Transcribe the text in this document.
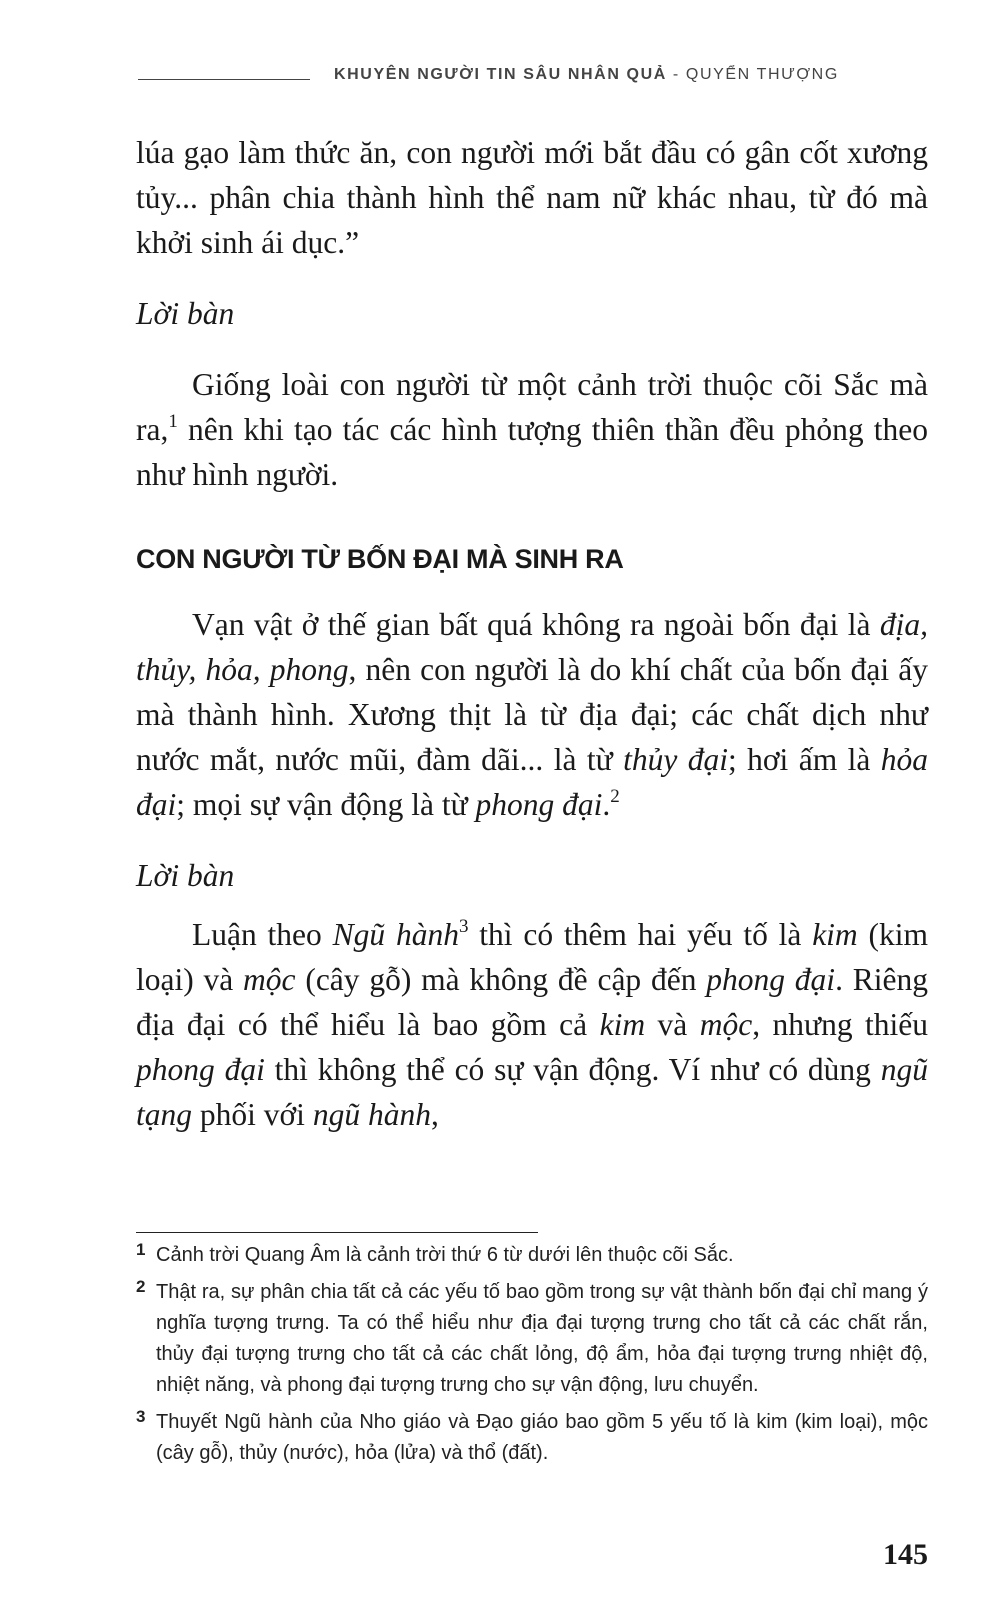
KHUYÊN NGƯỜI TIN SÂU NHÂN QUẢ - QUYỂN THƯỢNG

lúa gạo làm thức ăn, con người mới bắt đầu có gân cốt xương tủy... phân chia thành hình thể nam nữ khác nhau, từ đó mà khởi sinh ái dục.”

Lời bàn

Giống loài con người từ một cảnh trời thuộc cõi Sắc mà ra,$^1$ nên khi tạo tác các hình tượng thiên thần đều phỏng theo như hình người.

CON NGƯỜI TỪ BỐN ĐẠI MÀ SINH RA

Vạn vật ở thế gian bất quá không ra ngoài bốn đại là địa, thủy, hỏa, phong, nên con người là do khí chất của bốn đại ấy mà thành hình. Xương thịt là từ địa đại; các chất dịch như nước mắt, nước mũi, đàm dãi... là từ thủy đại; hơi ấm là hỏa đại; mọi sự vận động là từ phong đại.$^2$

Lời bàn

Luận theo Ngũ hành$^3$ thì có thêm hai yếu tố là kim (kim loại) và mộc (cây gỗ) mà không đề cập đến phong đại. Riêng địa đại có thể hiểu là bao gồm cả kim và mộc, nhưng thiếu phong đại thì không thể có sự vận động. Ví như có dùng ngũ tạng phối với ngũ hành,

1 Cảnh trời Quang Âm là cảnh trời thứ 6 từ dưới lên thuộc cõi Sắc.

2 Thật ra, sự phân chia tất cả các yếu tố bao gồm trong sự vật thành bốn đại chỉ mang ý nghĩa tượng trưng. Ta có thể hiểu như địa đại tượng trưng cho tất cả các chất rắn, thủy đại tượng trưng cho tất cả các chất lỏng, độ ẩm, hỏa đại tượng trưng nhiệt độ, nhiệt năng, và phong đại tượng trưng cho sự vận động, lưu chuyển.

3 Thuyết Ngũ hành của Nho giáo và Đạo giáo bao gồm 5 yếu tố là kim (kim loại), mộc (cây gỗ), thủy (nước), hỏa (lửa) và thổ (đất).

145
